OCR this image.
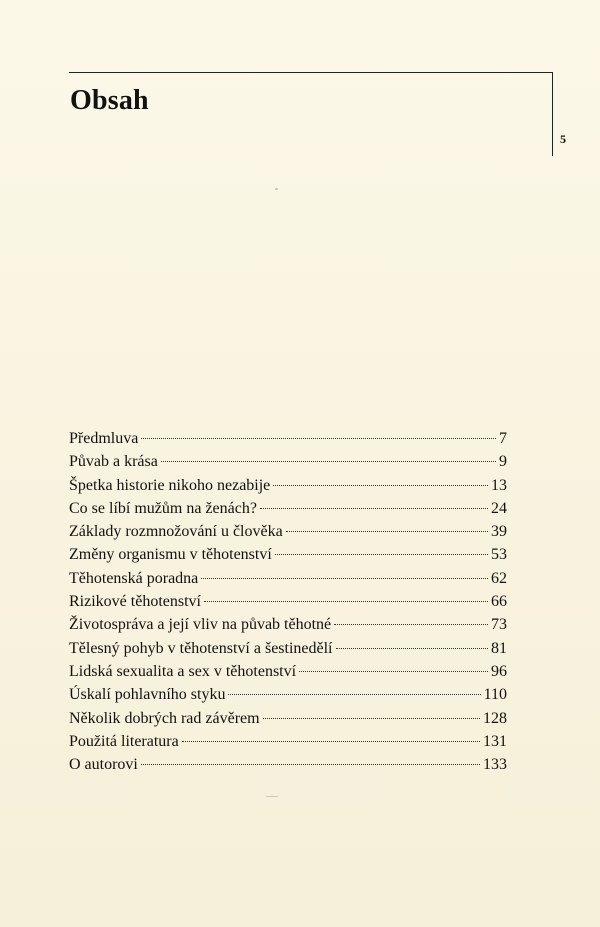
Obsah
5
Předmluva	7
Půvab a krása	9
Špetka historie nikoho nezabije	13
Co se líbí mužům na ženách?	24
Základy rozmnožování u člověka	39
Změny organismu v těhotenství	53
Těhotenská poradna	62
Rizikové těhotenství	66
Životospráva a její vliv na půvab těhotné	73
Tělesný pohyb v těhotenství a šestinedělí	81
Lidská sexualita a sex v těhotenství	96
Úskalí pohlavního styku	110
Několik dobrých rad závěrem	128
Použitá literatura	131
O autorovi	133
